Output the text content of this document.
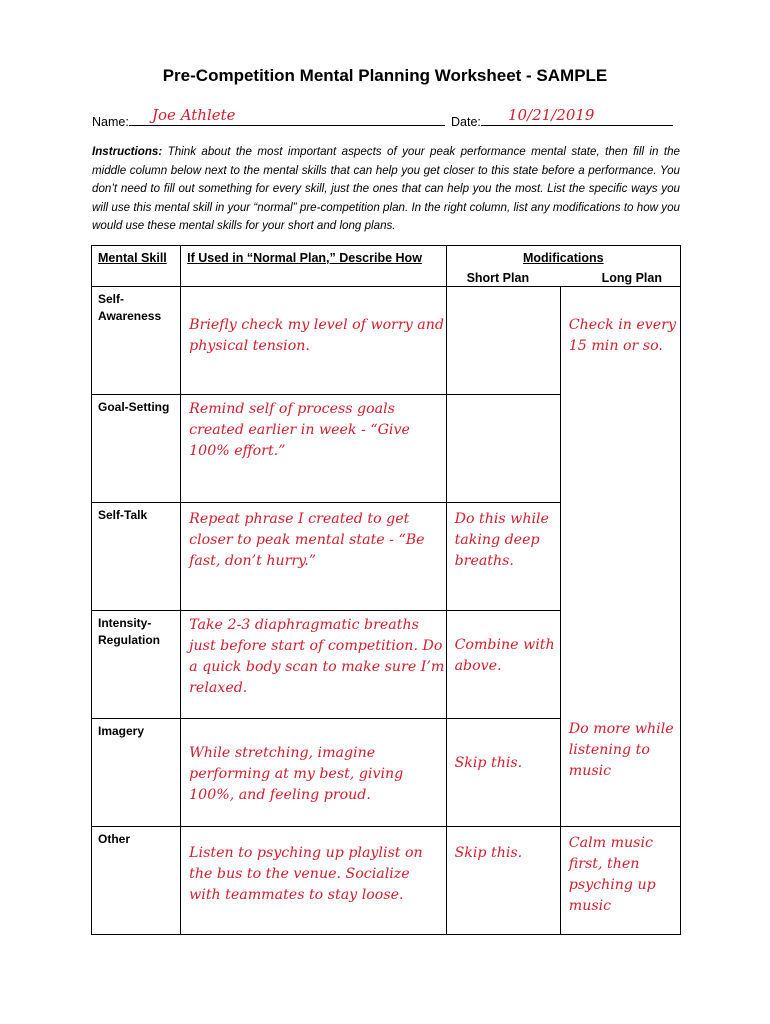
Pre-Competition Mental Planning Worksheet - SAMPLE
Name:	Joe Athlete	Date:	10/21/2019
Instructions: Think about the most important aspects of your peak performance mental state, then fill in the middle column below next to the mental skills that can help you get closer to this state before a performance. You don’t need to fill out something for every skill, just the ones that can help you the most. List the specific ways you will use this mental skill in your “normal” pre-competition plan. In the right column, list any modifications to how you would use these mental skills for your short and long plans.
Mental Skill	If Used in “Normal Plan,” Describe How	Modifications
Short Plan Long Plan	

Self-
Awareness	Briefly check my level of worry and physical tension.		Check in every 15 min or so.

Goal-Setting	Remind self of process goals created earlier in week - “Give 100% effort.”		

Self-Talk	Repeat phrase I created to get closer to peak mental state - “Be fast, don’t hurry.”	Do this while taking deep breaths.	

Intensity-
Regulation	Take 2-3 diaphragmatic breaths just before start of competition. Do a quick body scan to make sure I’m relaxed.	Combine with above.	

Imagery	While stretching, imagine performing at my best, giving 100%, and feeling proud.	Skip this.	Do more while listening to music

Other	Listen to psyching up playlist on the bus to the venue. Socialize with teammates to stay loose.	Skip this.	Calm music first, then psyching up music
